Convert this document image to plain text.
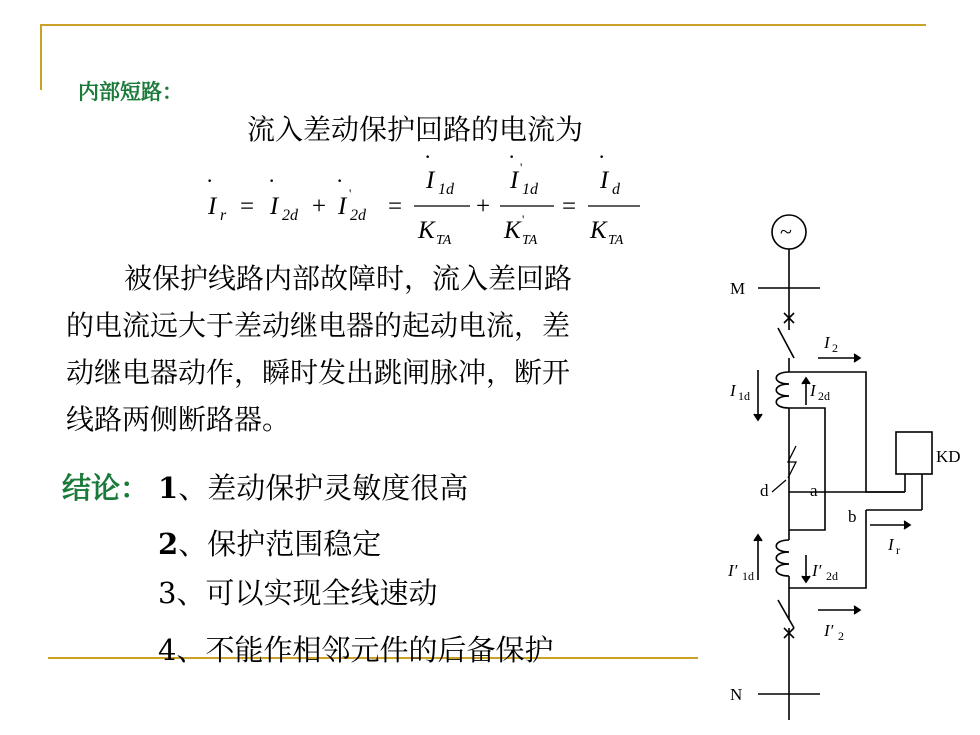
内部短路：
流入差动保护回路的电流为
I
·
r = I
·
2d + I
·
'
2d =
I
·
1d
K TA
+
I
· '
1d
K '
TA
=
I
·
d
K TA
被保护线路内部故障时，流入差回路
的电流远大于差动继电器的起动电流，差
动继电器动作，瞬时发出跳闸脉冲，断开
线路两侧断路器。
结论： 1、差动保护灵敏度很高
2、保护范围稳定
3、可以实现全线速动
4、不能作相邻元件的后备保护
~
M
d a
KD
b
I r
N
I 2
I 1d	I 2d
I′ 1d	I′ 2d
I′ 2
